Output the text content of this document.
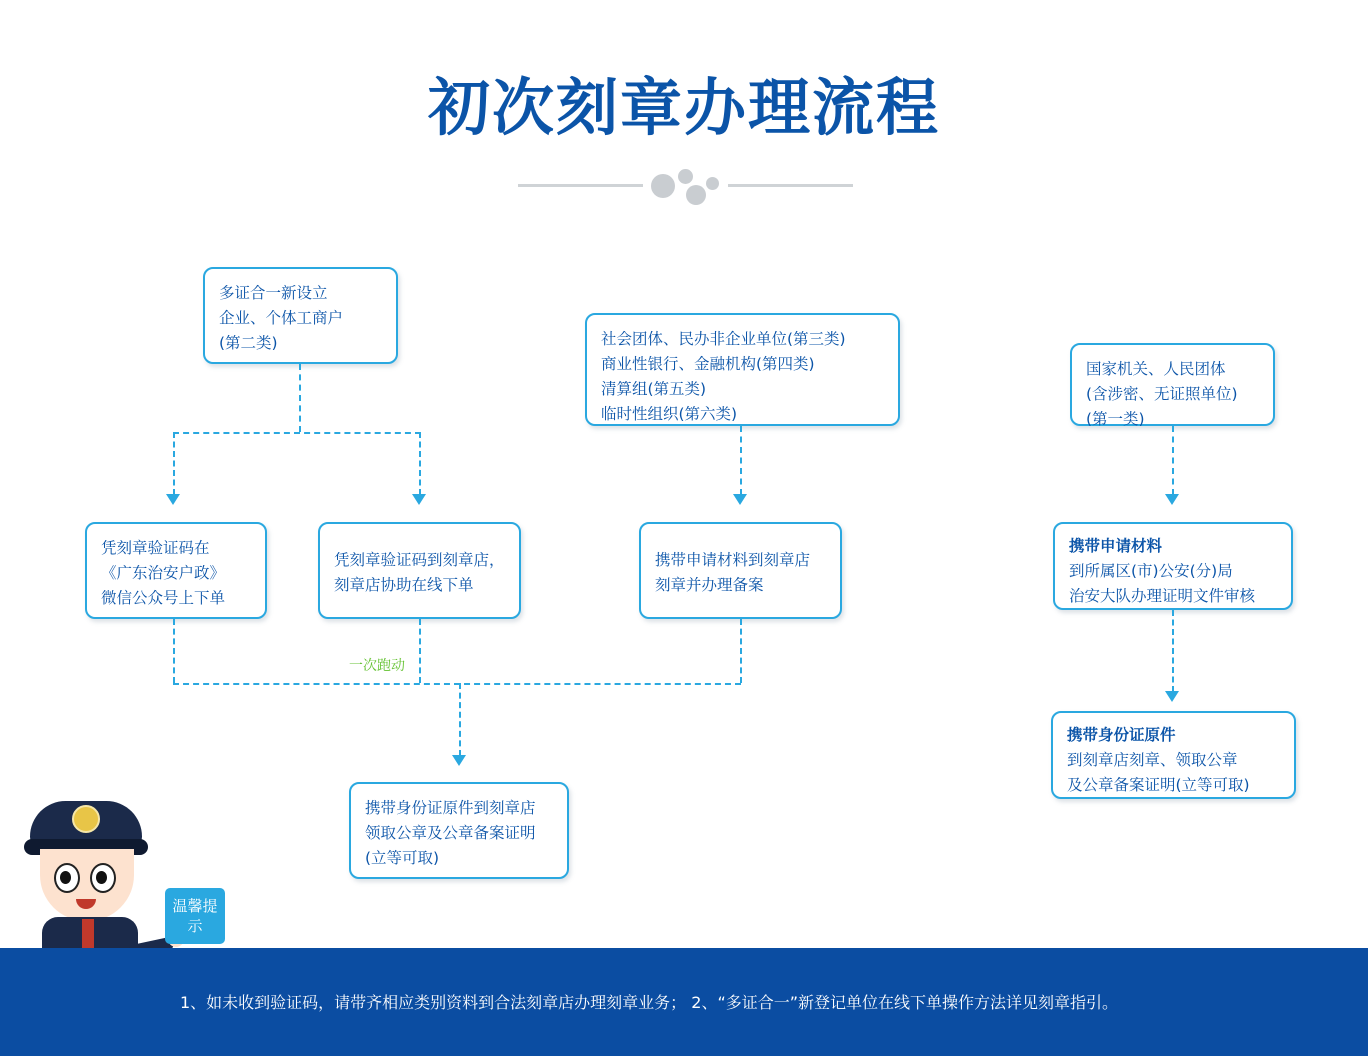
初次刻章办理流程
多证合一新设立
企业、个体工商户
(第二类)
凭刻章验证码在
《广东治安户政》
微信公众号上下单
凭刻章验证码到刻章店，
刻章店协助在线下单
社会团体、民办非企业单位(第三类)
商业性银行、金融机构(第四类)
清算组(第五类)
临时性组织(第六类)
携带申请材料到刻章店
刻章并办理备案
一次跑动
携带身份证原件到刻章店
领取公章及公章备案证明
(立等可取)
国家机关、人民团体
(含涉密、无证照单位)
(第一类)
携带申请材料
到所属区(市)公安(分)局
治安大队办理证明文件审核
携带身份证原件
到刻章店刻章、领取公章
及公章备案证明(立等可取)
温馨提示
1、如未收到验证码，请带齐相应类别资料到合法刻章店办理刻章业务； 2、“多证合一”新登记单位在线下单操作方法详见刻章指引。
